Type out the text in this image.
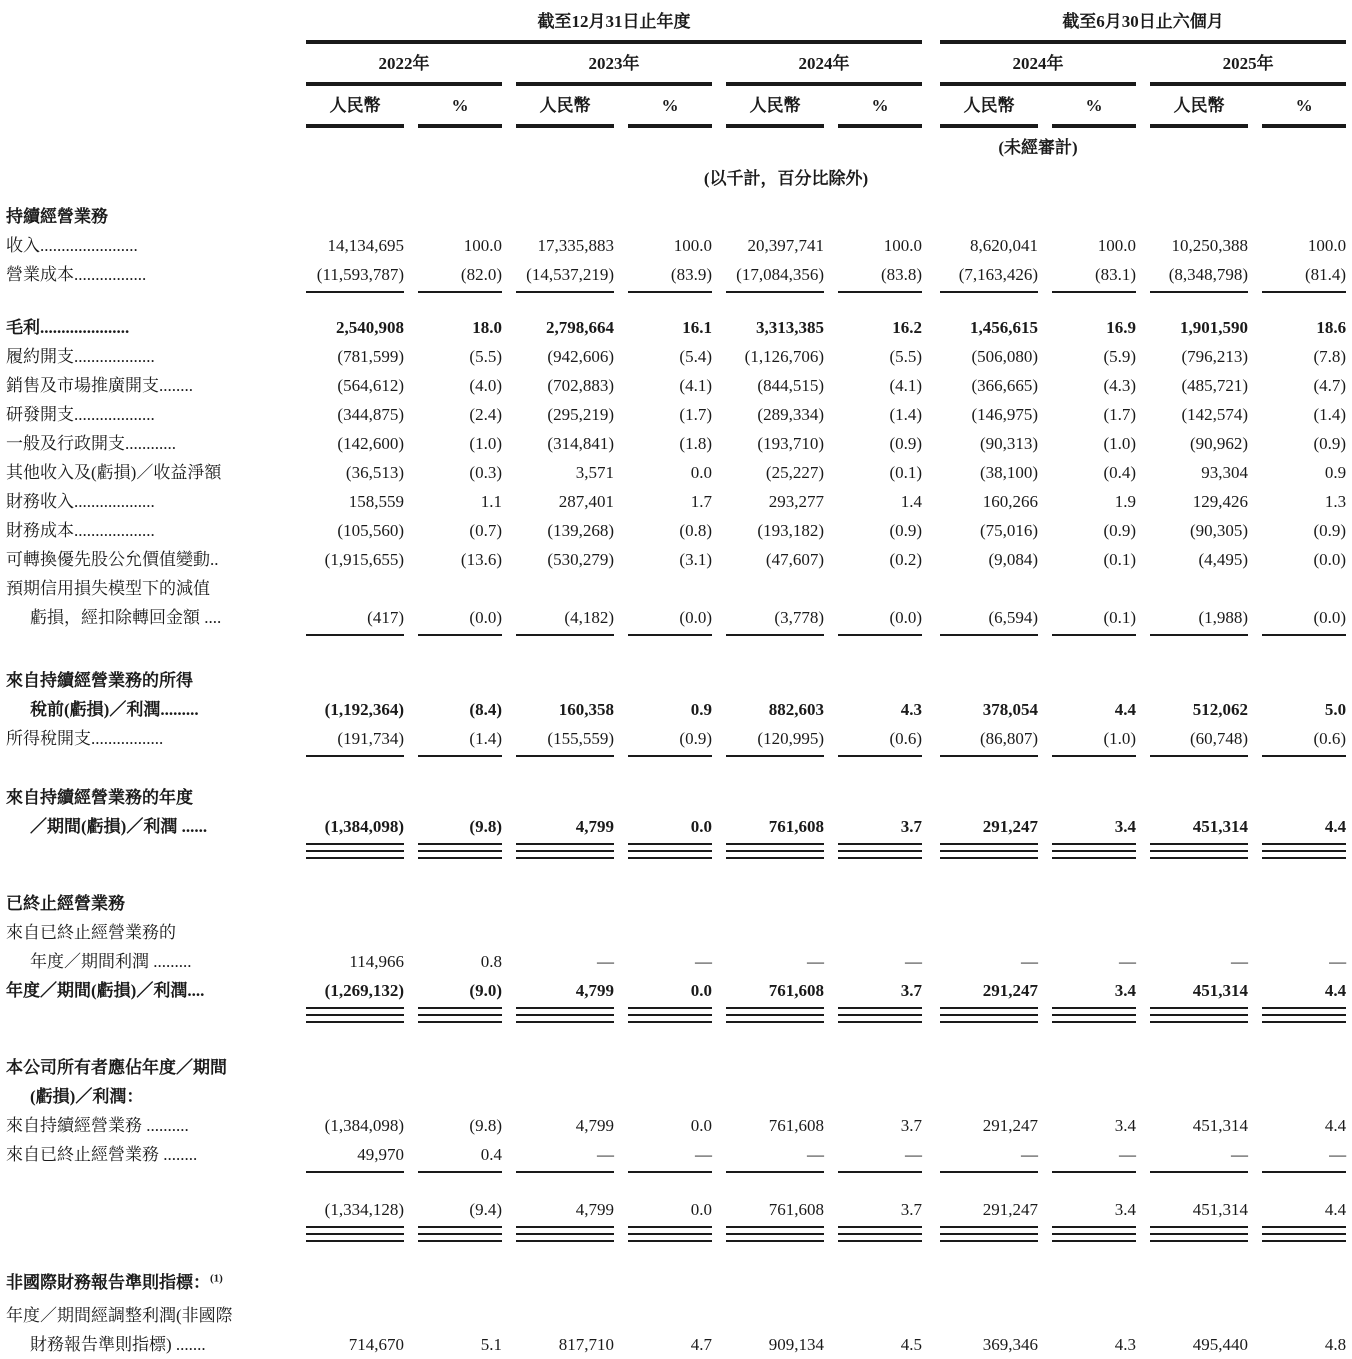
	截至12月31日止年度												截至6月30日止六個月						

	2022年				2023年				2024年				2024年				2025年		

	人民幣		%		人民幣		%		人民幣		%		人民幣		%		人民幣		%

													(未經審計)						
	(以千計，百分比除外)																		
持續經營業務																			
收入.......................	14,134,695		100.0		17,335,883		100.0		20,397,741		100.0		8,620,041		100.0		10,250,388		100.0
營業成本.................	(11,593,787)		(82.0)		(14,537,219)		(83.9)		(17,084,356)		(83.8)		(7,163,426)		(83.1)		(8,348,798)		(81.4)

毛利.....................	2,540,908		18.0		2,798,664		16.1		3,313,385		16.2		1,456,615		16.9		1,901,590		18.6
履約開支...................	(781,599)		(5.5)		(942,606)		(5.4)		(1,126,706)		(5.5)		(506,080)		(5.9)		(796,213)		(7.8)
銷售及市場推廣開支........	(564,612)		(4.0)		(702,883)		(4.1)		(844,515)		(4.1)		(366,665)		(4.3)		(485,721)		(4.7)
研發開支...................	(344,875)		(2.4)		(295,219)		(1.7)		(289,334)		(1.4)		(146,975)		(1.7)		(142,574)		(1.4)
一般及行政開支............	(142,600)		(1.0)		(314,841)		(1.8)		(193,710)		(0.9)		(90,313)		(1.0)		(90,962)		(0.9)
其他收入及(虧損)／收益淨額	(36,513)		(0.3)		3,571		0.0		(25,227)		(0.1)		(38,100)		(0.4)		93,304		0.9
財務收入...................	158,559		1.1		287,401		1.7		293,277		1.4		160,266		1.9		129,426		1.3
財務成本...................	(105,560)		(0.7)		(139,268)		(0.8)		(193,182)		(0.9)		(75,016)		(0.9)		(90,305)		(0.9)
可轉換優先股公允價值變動..	(1,915,655)		(13.6)		(530,279)		(3.1)		(47,607)		(0.2)		(9,084)		(0.1)		(4,495)		(0.0)
預期信用損失模型下的減值																			
虧損，經扣除轉回金額 ....	(417)		(0.0)		(4,182)		(0.0)		(3,778)		(0.0)		(6,594)		(0.1)		(1,988)		(0.0)

來自持續經營業務的所得																			
稅前(虧損)／利潤.........	(1,192,364)		(8.4)		160,358		0.9		882,603		4.3		378,054		4.4		512,062		5.0
所得稅開支.................	(191,734)		(1.4)		(155,559)		(0.9)		(120,995)		(0.6)		(86,807)		(1.0)		(60,748)		(0.6)

來自持續經營業務的年度																			
／期間(虧損)／利潤 ......	(1,384,098)		(9.8)		4,799		0.0		761,608		3.7		291,247		3.4		451,314		4.4

已終止經營業務																			
來自已終止經營業務的																			
年度／期間利潤 .........	114,966		0.8		—		—		—		—		—		—		—		—
年度／期間(虧損)／利潤....	(1,269,132)		(9.0)		4,799		0.0		761,608		3.7		291,247		3.4		451,314		4.4

本公司所有者應佔年度／期間																			
(虧損)／利潤：																			
來自持續經營業務 ..........	(1,384,098)		(9.8)		4,799		0.0		761,608		3.7		291,247		3.4		451,314		4.4
來自已終止經營業務 ........	49,970		0.4		—		—		—		—		—		—		—		—

	(1,334,128)		(9.4)		4,799		0.0		761,608		3.7		291,247		3.4		451,314		4.4

非國際財務報告準則指標：$^{(1)}$
年度／期間經調整利潤(非國際																			
財務報告準則指標) .......	714,670		5.1		817,710		4.7		909,134		4.5		369,346		4.3		495,440		4.8
